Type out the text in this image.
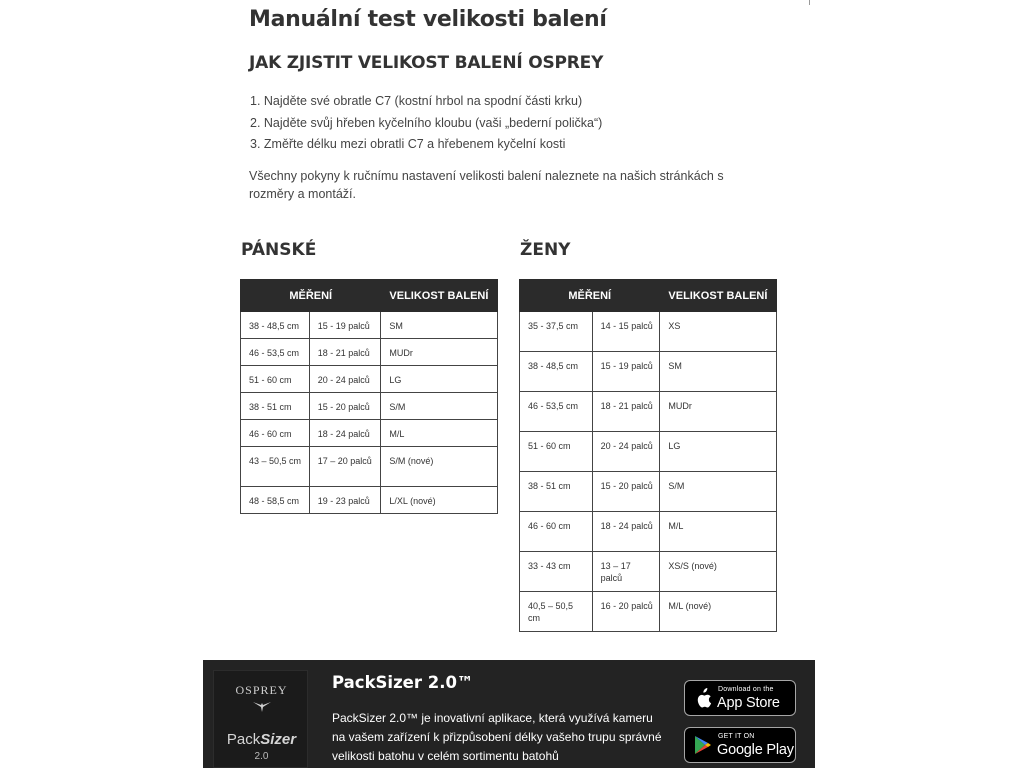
Manuální test velikosti balení
JAK ZJISTIT VELIKOST BALENÍ OSPREY
1. Najděte své obratle C7 (kostní hrbol na spodní části krku)
2. Najděte svůj hřeben kyčelního kloubu (vaši „bederní polička“)
3. Změřte délku mezi obratli C7 a hřebenem kyčelní kosti

Všechny pokyny k ručnímu nastavení velikosti balení naleznete na našich stránkách s rozměry a montáží.

PÁNSKÉ	ŽENY
MĚŘENÍ		VELIKOST BALENÍ
38 - 48,5 cm	15 - 19 palců	SM
46 - 53,5 cm	18 - 21 palců	MUDr
51 - 60 cm	20 - 24 palců	LG
38 - 51 cm	15 - 20 palců	S/M
46 - 60 cm	18 - 24 palců	M/L
43 – 50,5 cm	17 – 20 palců	S/M (nové)
48 - 58,5 cm	19 - 23 palců	L/XL (nové)
MĚŘENÍ		VELIKOST BALENÍ
35 - 37,5 cm	14 - 15 palců	XS
38 - 48,5 cm	15 - 19 palců	SM
46 - 53,5 cm	18 - 21 palců	MUDr
51 - 60 cm	20 - 24 palců	LG
38 - 51 cm	15 - 20 palců	S/M
46 - 60 cm	18 - 24 palců	M/L
33 - 43 cm	13 – 17 palců	XS/S (nové)
40,5 – 50,5 cm	16 - 20 palců	M/L (nové)
OSPREY
PackSizer
2.0
PackSizer 2.0™
PackSizer 2.0™ je inovativní aplikace, která využívá kameru na vašem zařízení k přizpůsobení délky vašeho trupu správné velikosti batohu v celém sortimentu batohů
Download on the
App Store
GET IT ON
Google Play
